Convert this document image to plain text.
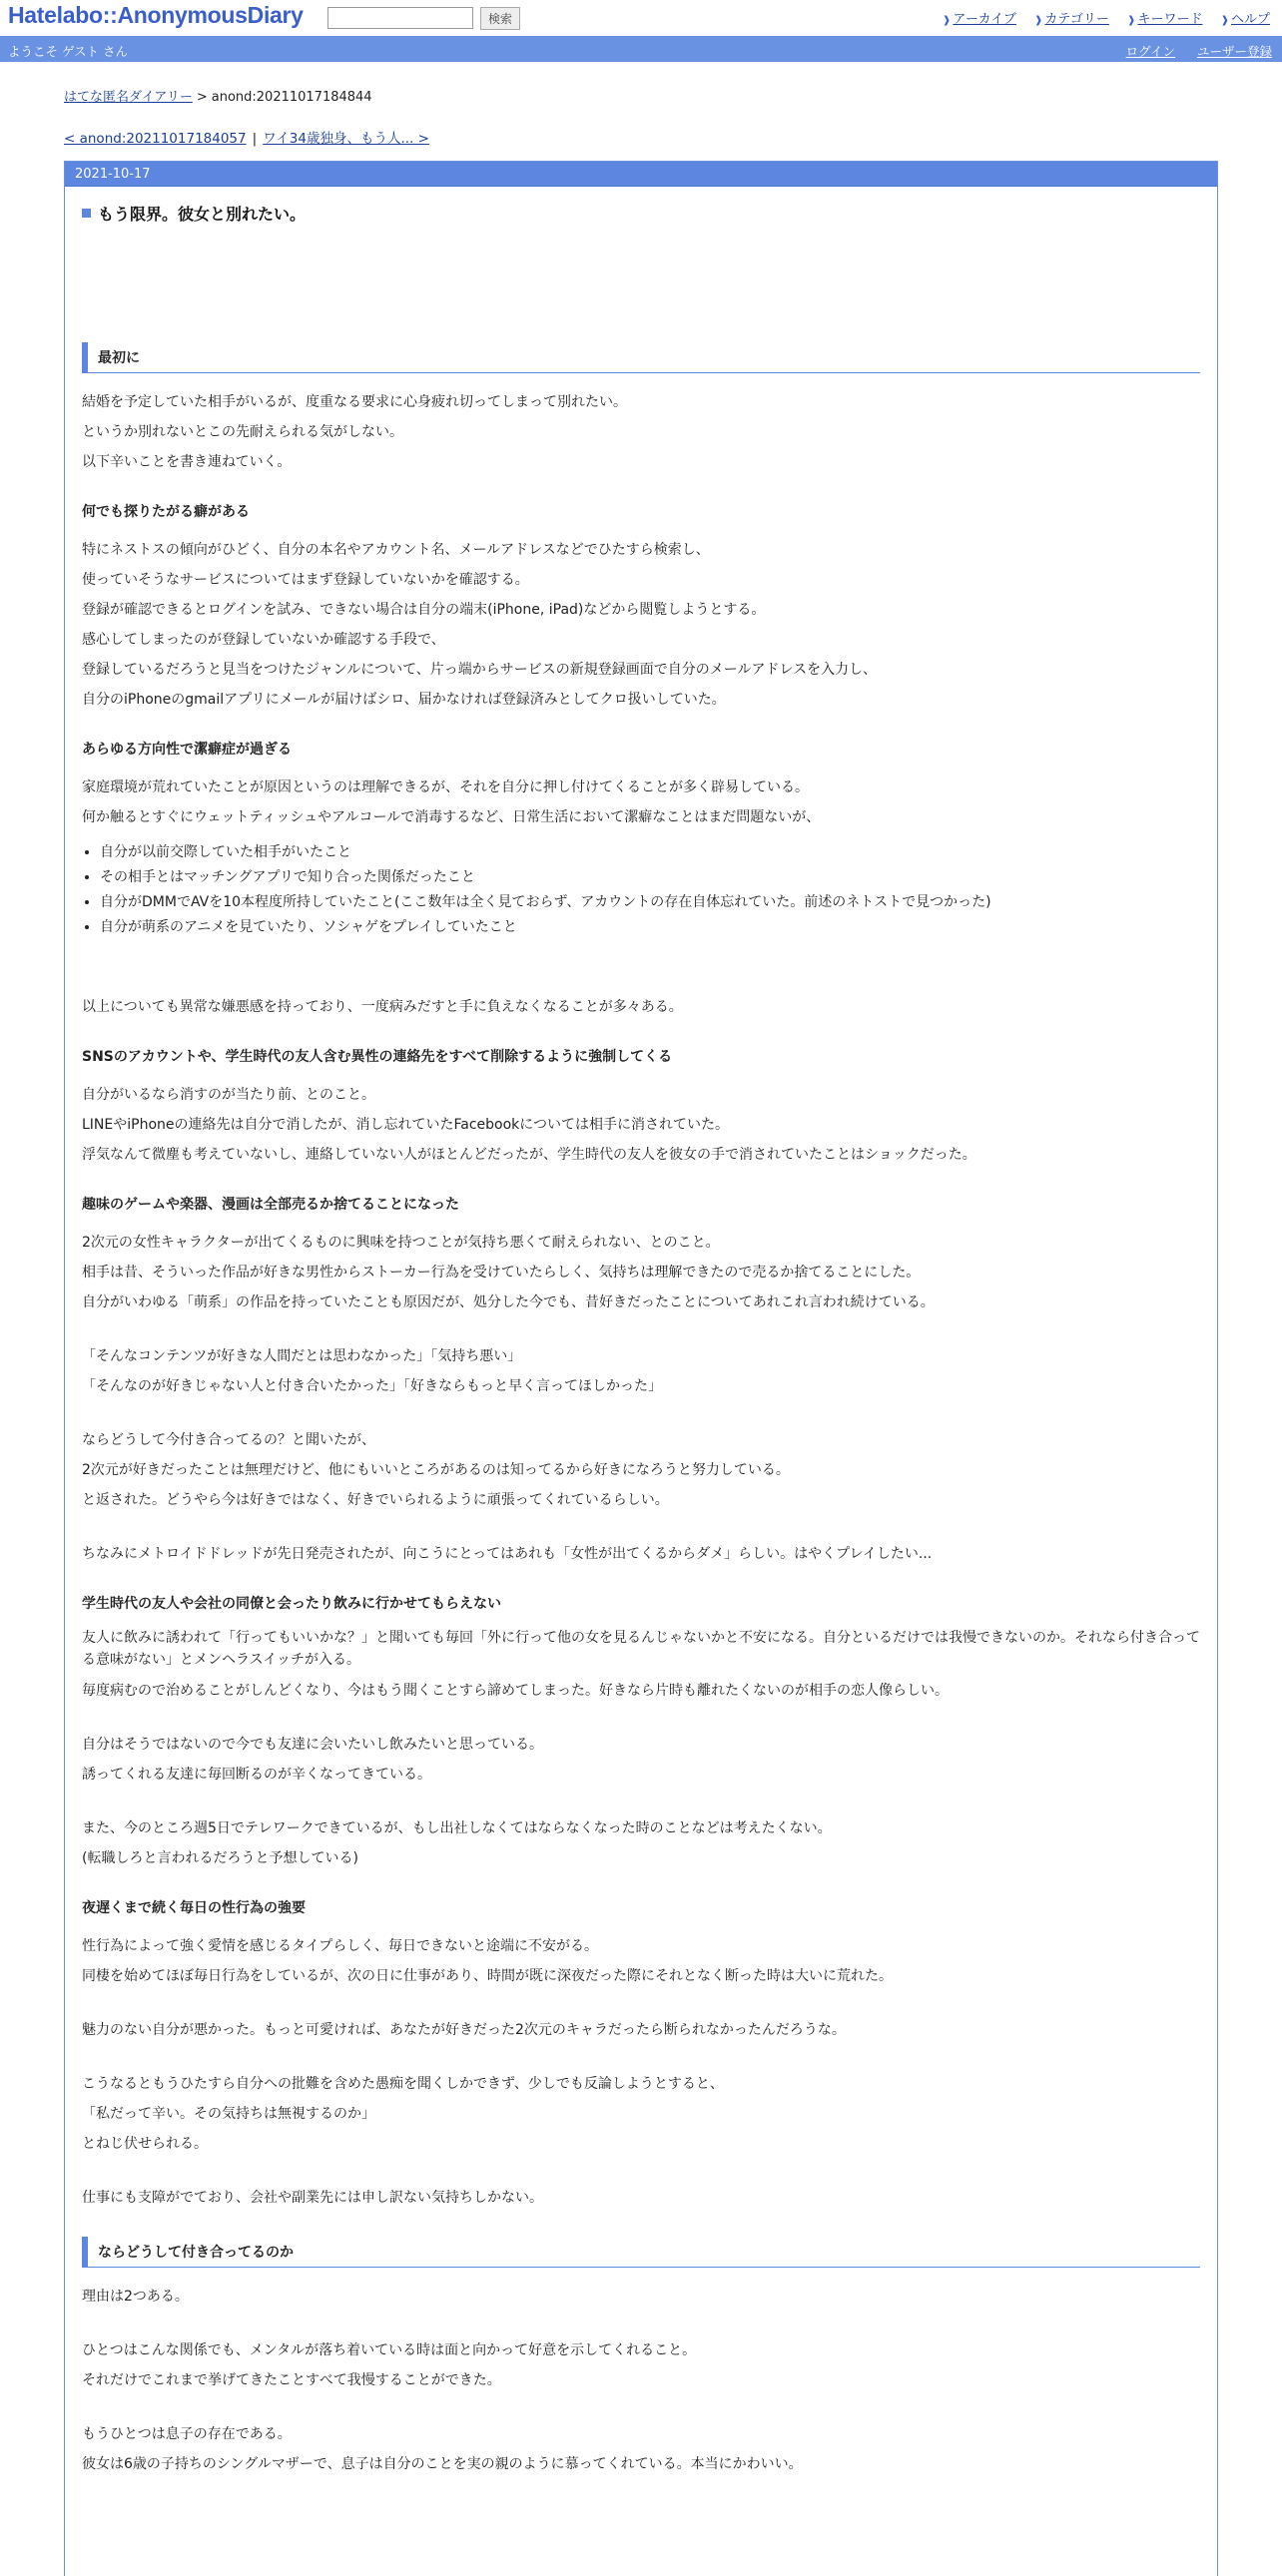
Hatelabo::AnonymousDiary	検索	❱ アーカイブ ❱ カテゴリー ❱ キーワード ❱ ヘルプ
ようこそ ゲスト さん	ログイン ユーザー登録
はてな匿名ダイアリー > anond:20211017184844
< anond:20211017184057 | ワイ34歳独身、もう人... >
2021-10-17
もう限界。彼女と別れたい。
最初に

結婚を予定していた相手がいるが、度重なる要求に心身疲れ切ってしまって別れたい。

というか別れないとこの先耐えられる気がしない。

以下辛いことを書き連ねていく。

何でも探りたがる癖がある

特にネストスの傾向がひどく、自分の本名やアカウント名、メールアドレスなどでひたすら検索し、

使っていそうなサービスについてはまず登録していないかを確認する。

登録が確認できるとログインを試み、できない場合は自分の端末(iPhone, iPad)などから閲覧しようとする。

感心してしまったのが登録していないか確認する手段で、

登録しているだろうと見当をつけたジャンルについて、片っ端からサービスの新規登録画面で自分のメールアドレスを入力し、

自分のiPhoneのgmailアプリにメールが届けばシロ、届かなければ登録済みとしてクロ扱いしていた。

あらゆる方向性で潔癖症が過ぎる

家庭環境が荒れていたことが原因というのは理解できるが、それを自分に押し付けてくることが多く辟易している。

何か触るとすぐにウェットティッシュやアルコールで消毒するなど、日常生活において潔癖なことはまだ問題ないが、

• 自分が以前交際していた相手がいたこと
• その相手とはマッチングアプリで知り合った関係だったこと
• 自分がDMMでAVを10本程度所持していたこと(ここ数年は全く見ておらず、アカウントの存在自体忘れていた。前述のネトストで見つかった)
• 自分が萌系のアニメを見ていたり、ソシャゲをプレイしていたこと

以上についても異常な嫌悪感を持っており、一度病みだすと手に負えなくなることが多々ある。

SNSのアカウントや、学生時代の友人含む異性の連絡先をすべて削除するように強制してくる

自分がいるなら消すのが当たり前、とのこと。

LINEやiPhoneの連絡先は自分で消したが、消し忘れていたFacebookについては相手に消されていた。

浮気なんて微塵も考えていないし、連絡していない人がほとんどだったが、学生時代の友人を彼女の手で消されていたことはショックだった。

趣味のゲームや楽器、漫画は全部売るか捨てることになった

2次元の女性キャラクターが出てくるものに興味を持つことが気持ち悪くて耐えられない、とのこと。

相手は昔、そういった作品が好きな男性からストーカー行為を受けていたらしく、気持ちは理解できたので売るか捨てることにした。

自分がいわゆる「萌系」の作品を持っていたことも原因だが、処分した今でも、昔好きだったことについてあれこれ言われ続けている。

「そんなコンテンツが好きな人間だとは思わなかった」「気持ち悪い」

「そんなのが好きじゃない人と付き合いたかった」「好きならもっと早く言ってほしかった」

ならどうして今付き合ってるの？と聞いたが、

2次元が好きだったことは無理だけど、他にもいいところがあるのは知ってるから好きになろうと努力している。

と返された。どうやら今は好きではなく、好きでいられるように頑張ってくれているらしい。

ちなみにメトロイドドレッドが先日発売されたが、向こうにとってはあれも「女性が出てくるからダメ」らしい。はやくプレイしたい...

学生時代の友人や会社の同僚と会ったり飲みに行かせてもらえない

友人に飲みに誘われて「行ってもいいかな？」と聞いても毎回「外に行って他の女を見るんじゃないかと不安になる。自分といるだけでは我慢できないのか。それなら付き合ってる意味がない」とメンヘラスイッチが入る。

毎度病むので治めることがしんどくなり、今はもう聞くことすら諦めてしまった。好きなら片時も離れたくないのが相手の恋人像らしい。

自分はそうではないので今でも友達に会いたいし飲みたいと思っている。

誘ってくれる友達に毎回断るのが辛くなってきている。

また、今のところ週5日でテレワークできているが、もし出社しなくてはならなくなった時のことなどは考えたくない。

(転職しろと言われるだろうと予想している)

夜遅くまで続く毎日の性行為の強要

性行為によって強く愛情を感じるタイプらしく、毎日できないと途端に不安がる。

同棲を始めてほぼ毎日行為をしているが、次の日に仕事があり、時間が既に深夜だった際にそれとなく断った時は大いに荒れた。

魅力のない自分が悪かった。もっと可愛ければ、あなたが好きだった2次元のキャラだったら断られなかったんだろうな。

こうなるともうひたすら自分への批難を含めた愚痴を聞くしかできず、少しでも反論しようとすると、

「私だって辛い。その気持ちは無視するのか」

とねじ伏せられる。

仕事にも支障がでており、会社や副業先には申し訳ない気持ちしかない。

ならどうして付き合ってるのか

理由は2つある。

ひとつはこんな関係でも、メンタルが落ち着いている時は面と向かって好意を示してくれること。

それだけでこれまで挙げてきたことすべて我慢することができた。

もうひとつは息子の存在である。

彼女は6歳の子持ちのシングルマザーで、息子は自分のことを実の親のように慕ってくれている。本当にかわいい。
